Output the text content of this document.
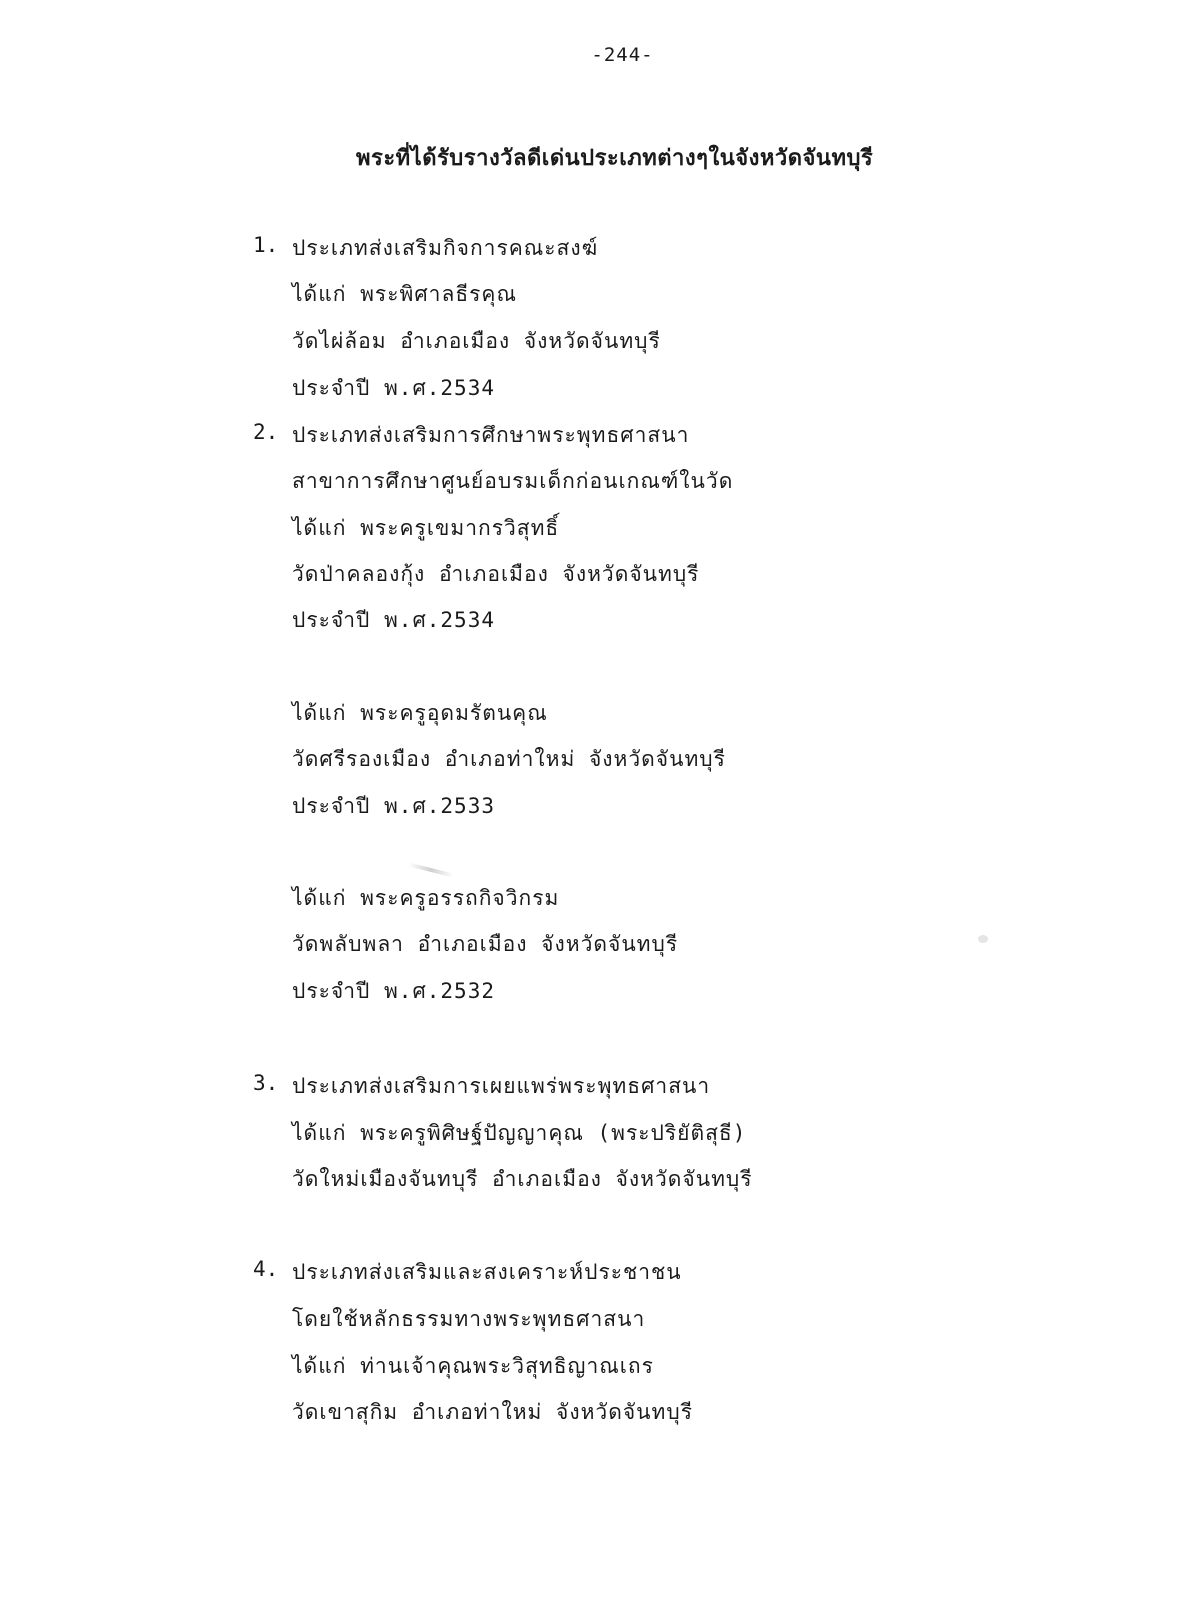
-244-
พระที่ได้รับรางวัลดีเด่นประเภทต่างๆในจังหวัดจันทบุรี
1. ประเภทส่งเสริมกิจการคณะสงฆ์
ได้แก่ พระพิศาลธีรคุณ
วัดไผ่ล้อม อำเภอเมือง จังหวัดจันทบุรี
ประจำปี พ.ศ.2534
2. ประเภทส่งเสริมการศึกษาพระพุทธศาสนา
สาขาการศึกษาศูนย์อบรมเด็กก่อนเกณฑ์ในวัด
ได้แก่ พระครูเขมากรวิสุทธิ์
วัดป่าคลองกุ้ง อำเภอเมือง จังหวัดจันทบุรี
ประจำปี พ.ศ.2534
ได้แก่ พระครูอุดมรัตนคุณ
วัดศรีรองเมือง อำเภอท่าใหม่ จังหวัดจันทบุรี
ประจำปี พ.ศ.2533
ได้แก่ พระครูอรรถกิจวิกรม
วัดพลับพลา อำเภอเมือง จังหวัดจันทบุรี
ประจำปี พ.ศ.2532
3. ประเภทส่งเสริมการเผยแพร่พระพุทธศาสนา
ได้แก่ พระครูพิศิษฐ์ปัญญาคุณ (พระปริยัติสุธี)
วัดใหม่เมืองจันทบุรี อำเภอเมือง จังหวัดจันทบุรี
4. ประเภทส่งเสริมและสงเคราะห์ประชาชน
โดยใช้หลักธรรมทางพระพุทธศาสนา
ได้แก่ ท่านเจ้าคุณพระวิสุทธิญาณเถร
วัดเขาสุกิม อำเภอท่าใหม่ จังหวัดจันทบุรี
